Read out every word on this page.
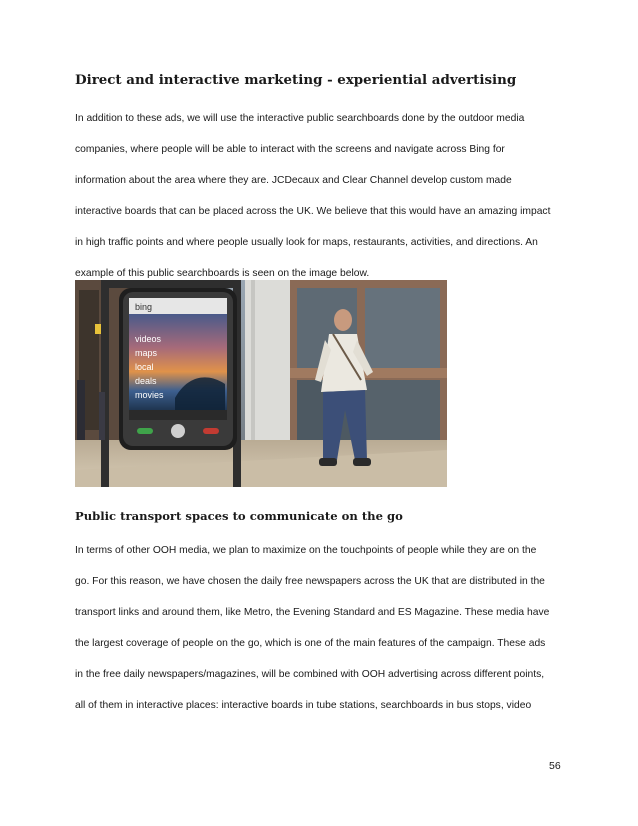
Direct and interactive marketing - experiential advertising

In addition to these ads, we will use the interactive public searchboards done by the outdoor media
companies, where people will be able to interact with the screens and navigate across Bing for
information about the area where they are. JCDecaux and Clear Channel develop custom made
interactive boards that can be placed across the UK. We believe that this would have an amazing impact
in high traffic points and where people usually look for maps, restaurants, activities, and directions. An
example of this public searchboards is seen on the image below.

bing
videos
maps
local
deals
movies
Public transport spaces to communicate on the go

In terms of other OOH media, we plan to maximize on the touchpoints of people while they are on the
go. For this reason, we have chosen the daily free newspapers across the UK that are distributed in the
transport links and around them, like Metro, the Evening Standard and ES Magazine. These media have
the largest coverage of people on the go, which is one of the main features of the campaign. These ads
in the free daily newspapers/magazines, will be combined with OOH advertising across different points,
all of them in interactive places: interactive boards in tube stations, searchboards in bus stops, video

56
